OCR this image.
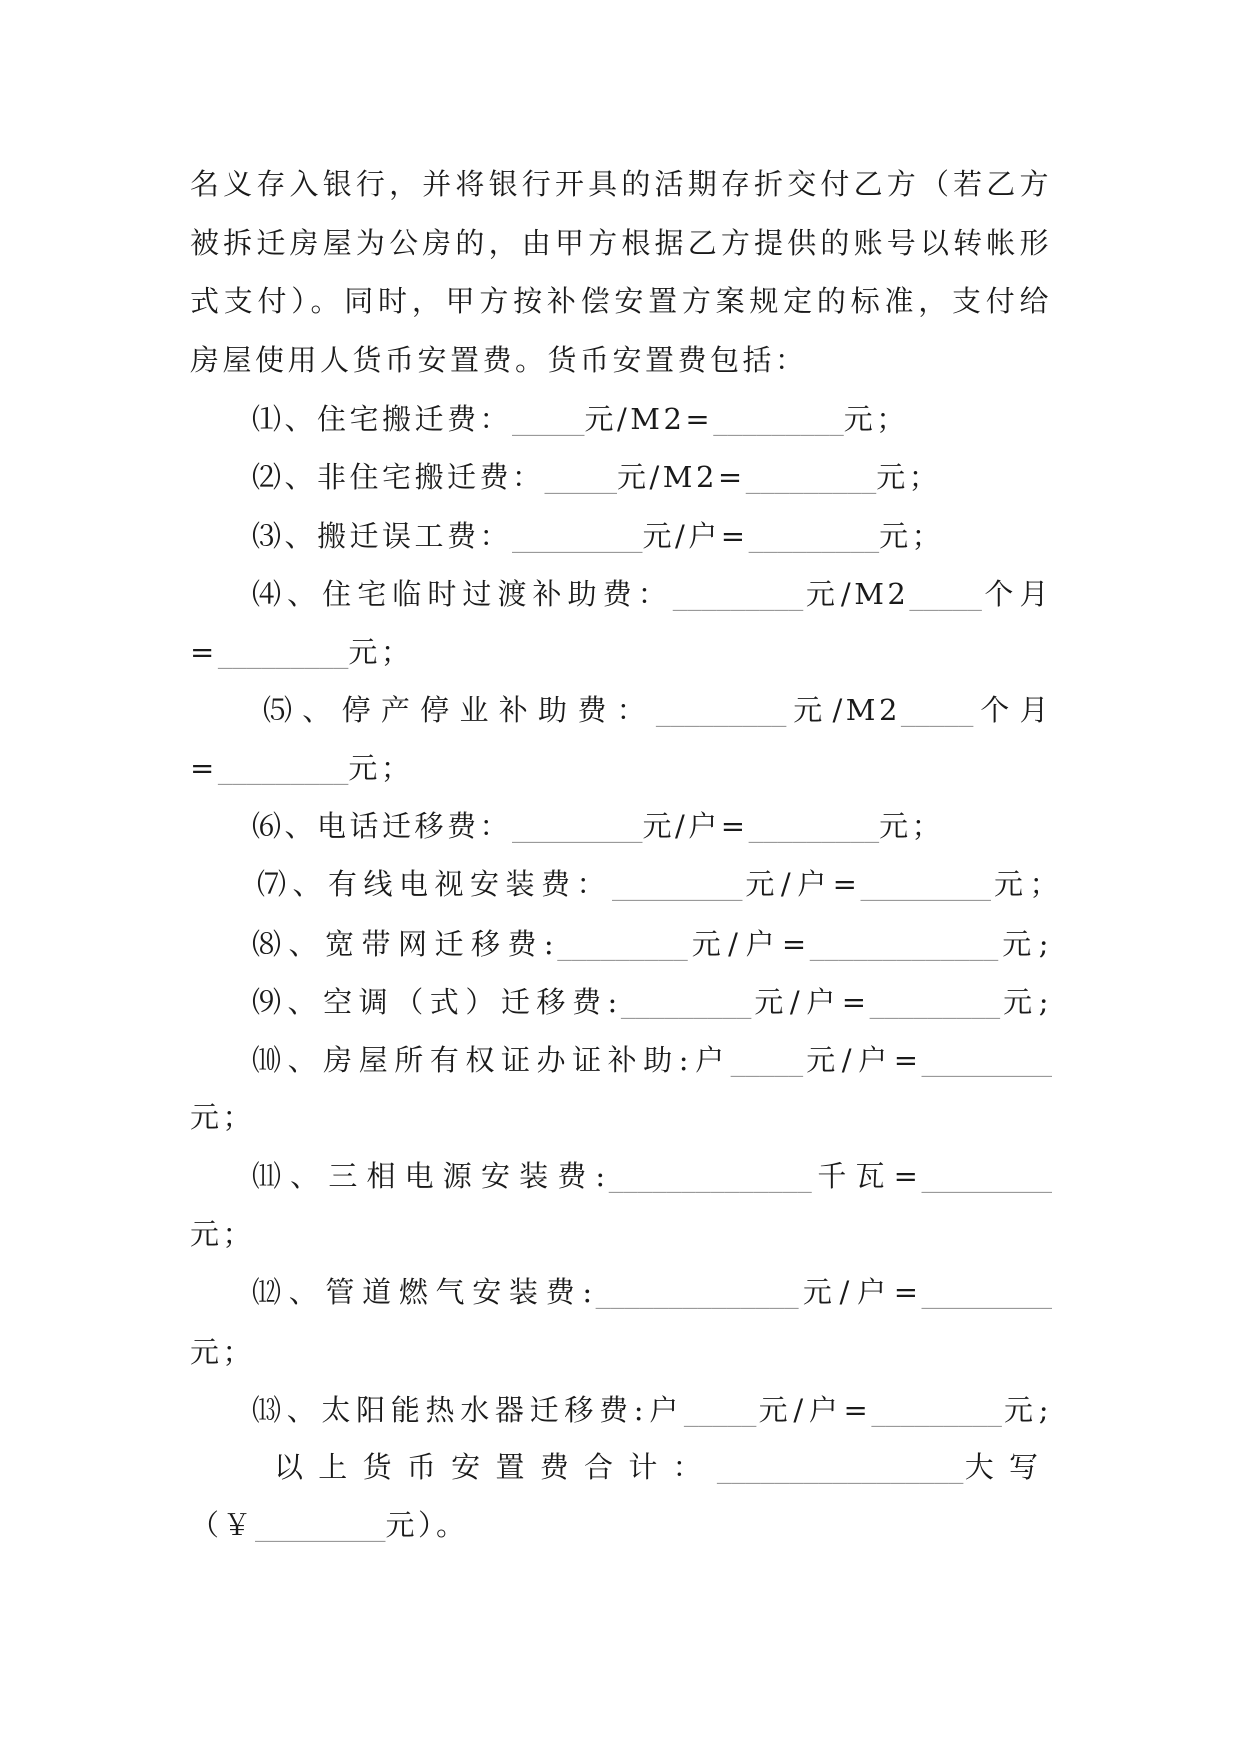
名义存入银行，并将银行开具的活期存折交付乙方（若乙方
被拆迁房屋为公房的，由甲方根据乙方提供的账号以转帐形
式支付）。同时，甲方按补偿安置方案规定的标准，支付给
房屋使用人货币安置费。货币安置费包括：
⑴、住宅搬迁费：_____元/M2=_________元；
⑵、非住宅搬迁费：_____元/M2=_________元；
⑶、搬迁误工费：_________元/户=_________元；
⑷、住宅临时过渡补助费：_________元/M2_____个月
=_________元；
⑸、停产停业补助费：_________元/M2_____个月
=_________元；
⑹、电话迁移费：_________元/户=_________元；
⑺、有线电视安装费：_________元/户=_________元；
⑻、宽带网迁移费:_________元/户=_____________元;
⑼、空调（式）迁移费:_________元/户=_________元;
⑽、房屋所有权证办证补助:户_____元/户=_________
元；
⑾、三相电源安装费:______________千瓦=_________
元；
⑿、管道燃气安装费:______________元/户=_________
元；
⒀、太阳能热水器迁移费:户_____元/户=_________元;
以上货币安置费合计：_________________大写
（￥_________元）。
